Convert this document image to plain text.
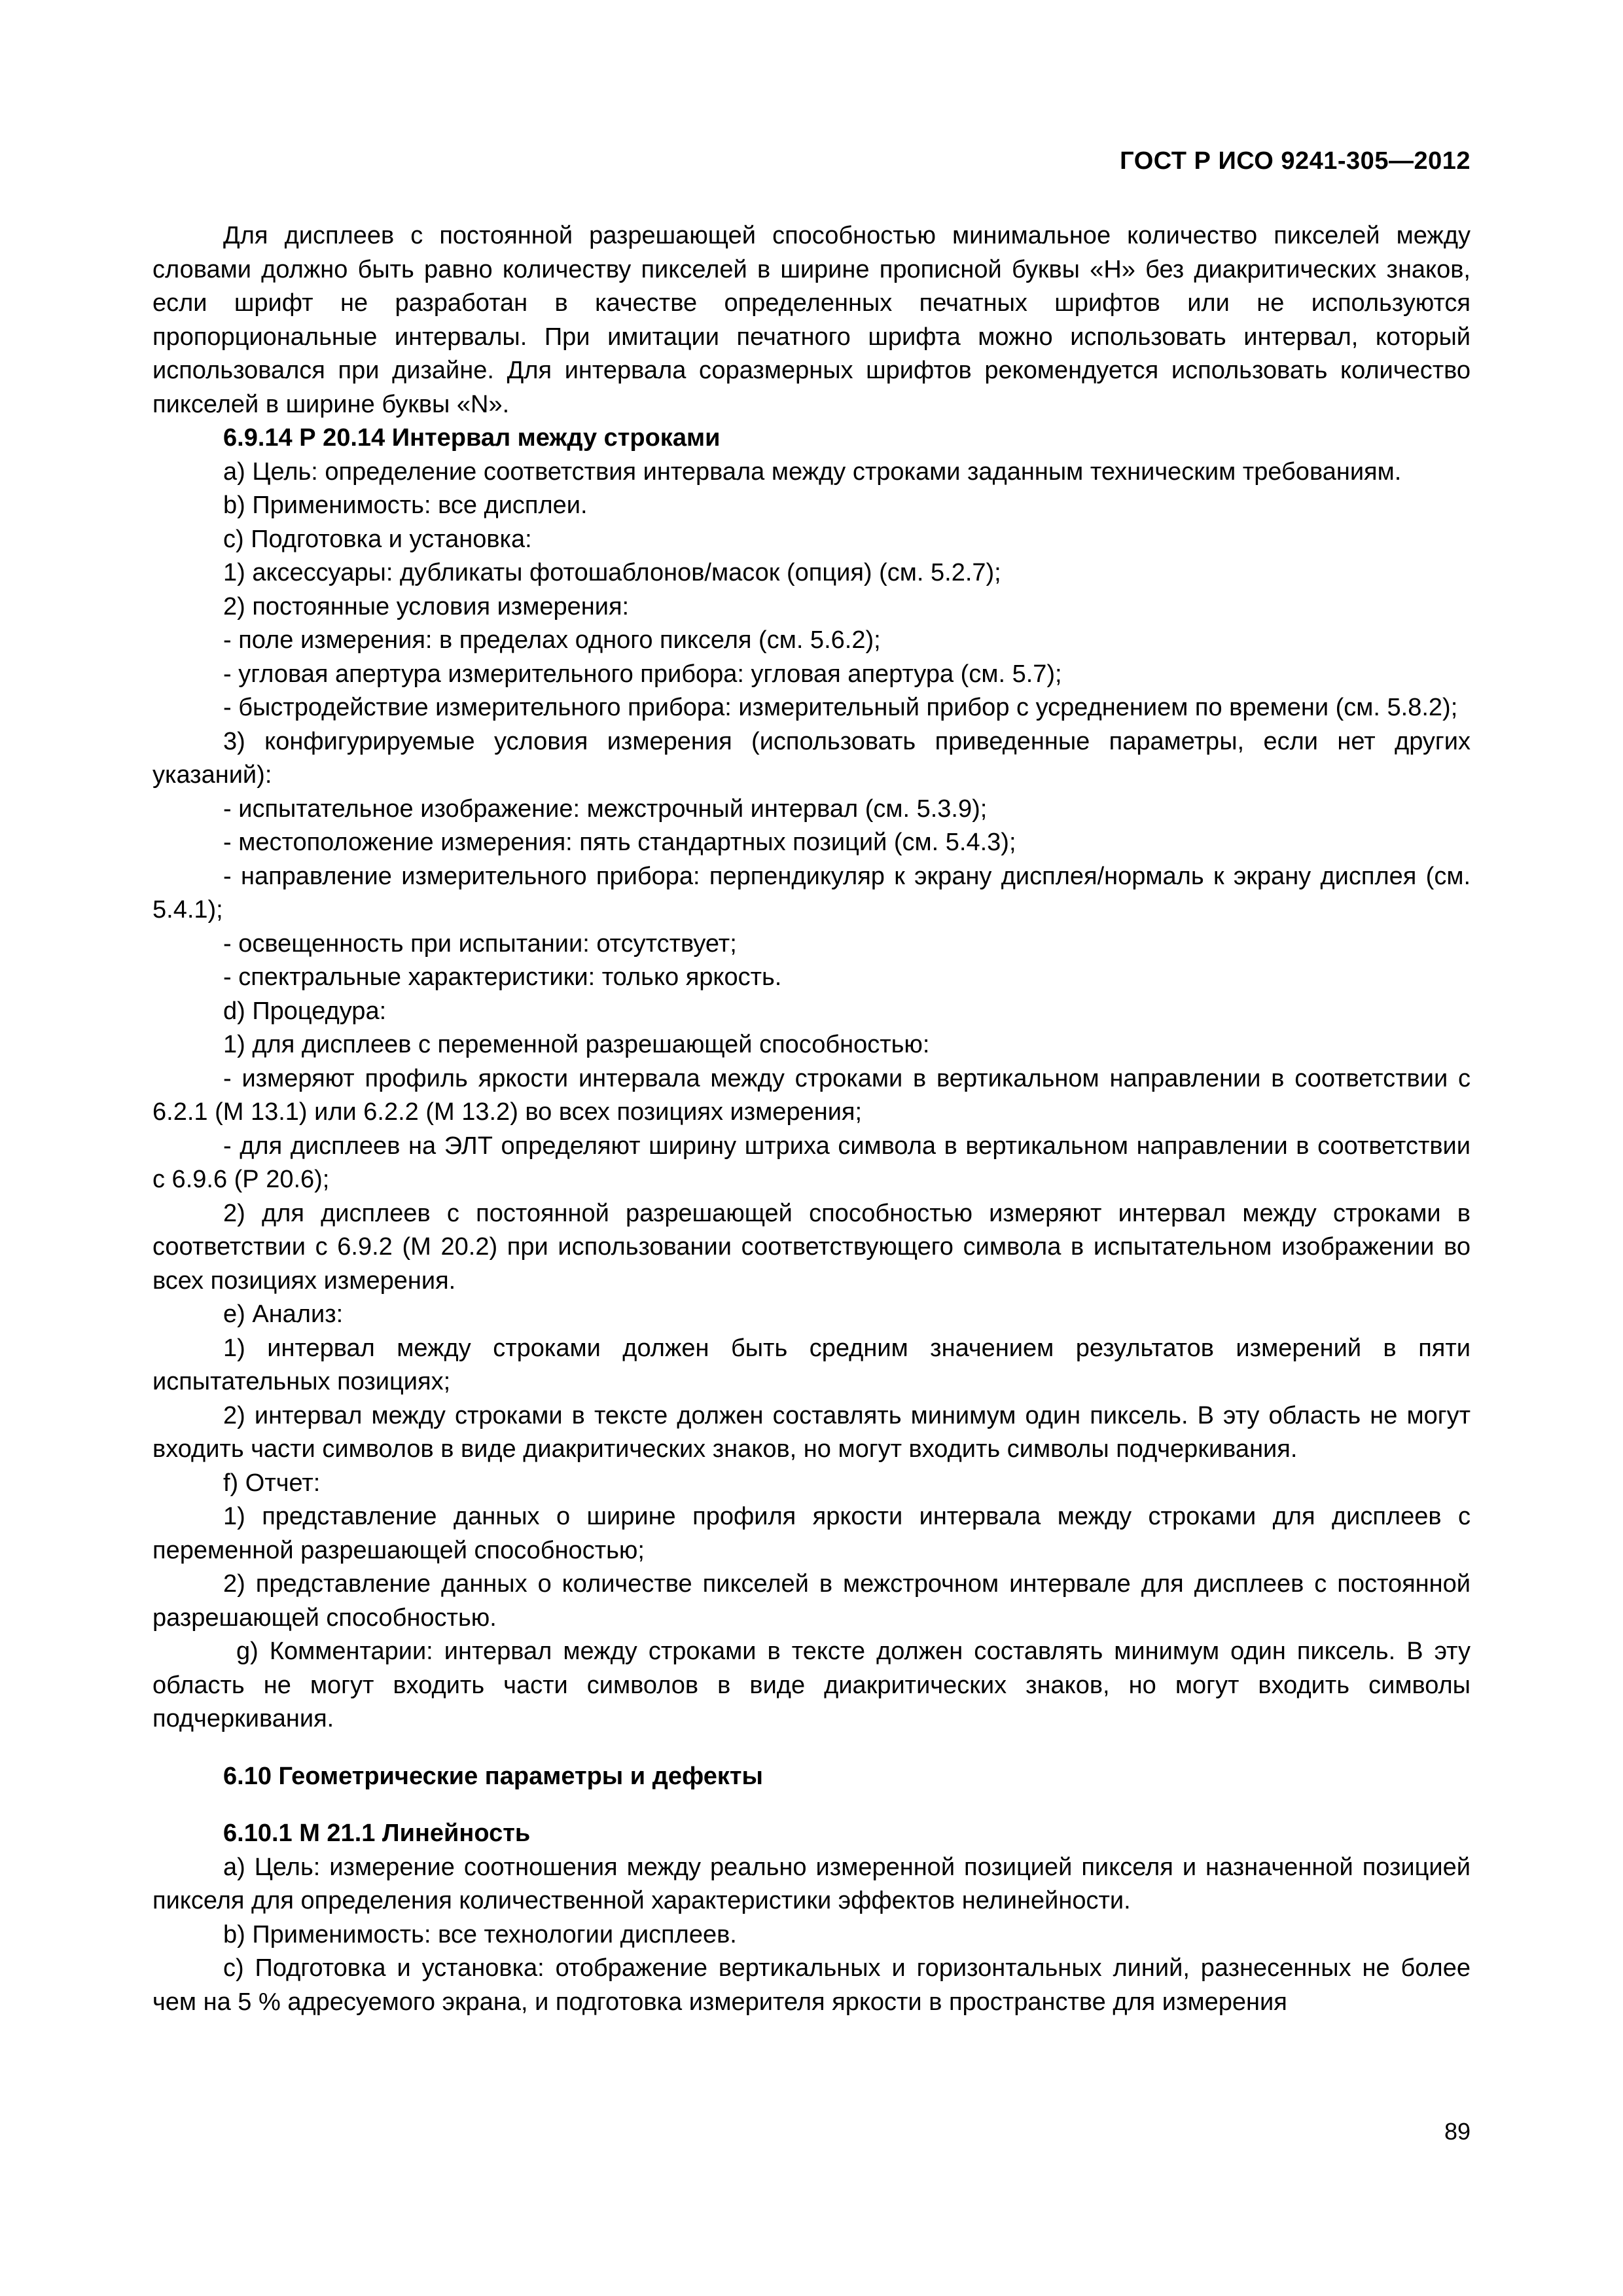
ГОСТ Р ИСО 9241-305—2012

Для дисплеев с постоянной разрешающей способностью минимальное количество пикселей между словами должно быть равно количеству пикселей в ширине прописной буквы «Н» без диакритических знаков, если шрифт не разработан в качестве определенных печатных шрифтов или не используются пропорциональные интервалы. При имитации печатного шрифта можно использовать интервал, который использовался при дизайне. Для интервала соразмерных шрифтов рекомендуется использовать количество пикселей в ширине буквы «N».

6.9.14 Р 20.14 Интервал между строками

a) Цель: определение соответствия интервала между строками заданным техническим требованиям.

b) Применимость: все дисплеи.

c) Подготовка и установка:

1) аксессуары: дубликаты фотошаблонов/масок (опция) (см. 5.2.7);

2) постоянные условия измерения:

- поле измерения: в пределах одного пикселя (см. 5.6.2);

- угловая апертура измерительного прибора: угловая апертура (см. 5.7);

- быстродействие измерительного прибора: измерительный прибор с усреднением по времени (см. 5.8.2);

3) конфигурируемые условия измерения (использовать приведенные параметры, если нет других указаний):

- испытательное изображение: межстрочный интервал (см. 5.3.9);

- местоположение измерения: пять стандартных позиций (см. 5.4.3);

- направление измерительного прибора: перпендикуляр к экрану дисплея/нормаль к экрану дисплея (см. 5.4.1);

- освещенность при испытании: отсутствует;

- спектральные характеристики: только яркость.

d) Процедура:

1) для дисплеев с переменной разрешающей способностью:

- измеряют профиль яркости интервала между строками в вертикальном направлении в соответствии с 6.2.1 (М 13.1) или 6.2.2 (М 13.2) во всех позициях измерения;

- для дисплеев на ЭЛТ определяют ширину штриха символа в вертикальном направлении в соответствии с 6.9.6 (Р 20.6);

2) для дисплеев с постоянной разрешающей способностью измеряют интервал между строками в соответствии с 6.9.2 (М 20.2) при использовании соответствующего символа в испытательном изображении во всех позициях измерения.

e) Анализ:

1) интервал между строками должен быть средним значением результатов измерений в пяти испытательных позициях;

2) интервал между строками в тексте должен составлять минимум один пиксель. В эту область не могут входить части символов в виде диакритических знаков, но могут входить символы подчеркивания.

f) Отчет:

1) представление данных о ширине профиля яркости интервала между строками для дисплеев с переменной разрешающей способностью;

2) представление данных о количестве пикселей в межстрочном интервале для дисплеев с постоянной разрешающей способностью.

g) Комментарии: интервал между строками в тексте должен составлять минимум один пиксель. В эту область не могут входить части символов в виде диакритических знаков, но могут входить символы подчеркивания.

6.10 Геометрические параметры и дефекты

6.10.1 М 21.1 Линейность

a) Цель: измерение соотношения между реально измеренной позицией пикселя и назначенной позицией пикселя для определения количественной характеристики эффектов нелинейности.

b) Применимость: все технологии дисплеев.

c) Подготовка и установка: отображение вертикальных и горизонтальных линий, разнесенных не более чем на 5 % адресуемого экрана, и подготовка измерителя яркости в пространстве для измерения

89
